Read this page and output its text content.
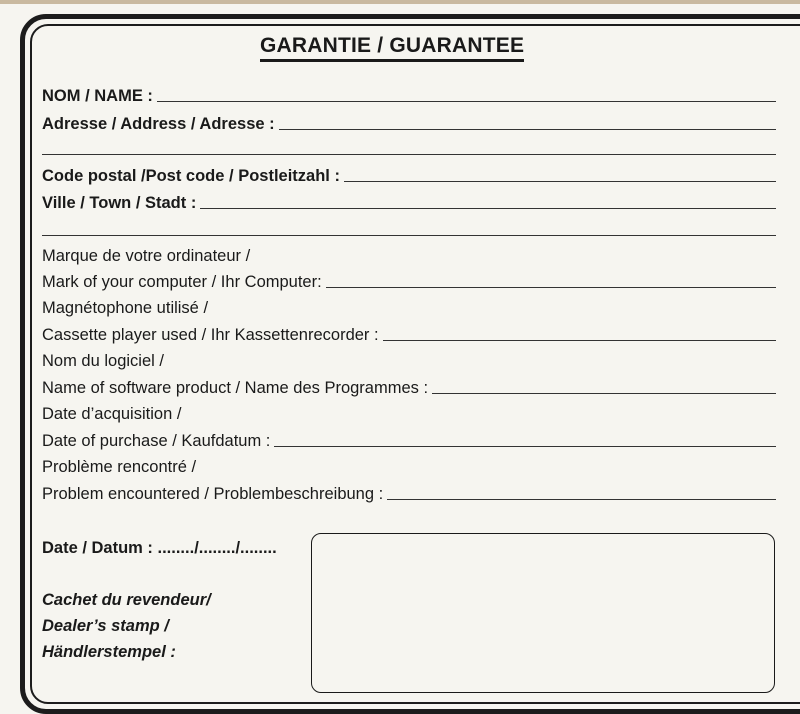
GARANTIE / GUARANTEE
NOM / NAME :
Adresse / Address / Adresse :
Code postal /Post code / Postleitzahl :
Ville / Town / Stadt :
Marque de votre ordinateur /
Mark of your computer / Ihr Computer:
Magnétophone utilisé /
Cassette player used / Ihr Kassettenrecorder :
Nom du logiciel /
Name of software product / Name des Programmes :
Date d’acquisition /
Date of purchase / Kaufdatum :
Problème rencontré /
Problem encountered / Problembeschreibung :
Date / Datum : ......../......../........
Cachet du revendeur/
Dealer’s stamp /
Händlerstempel :
